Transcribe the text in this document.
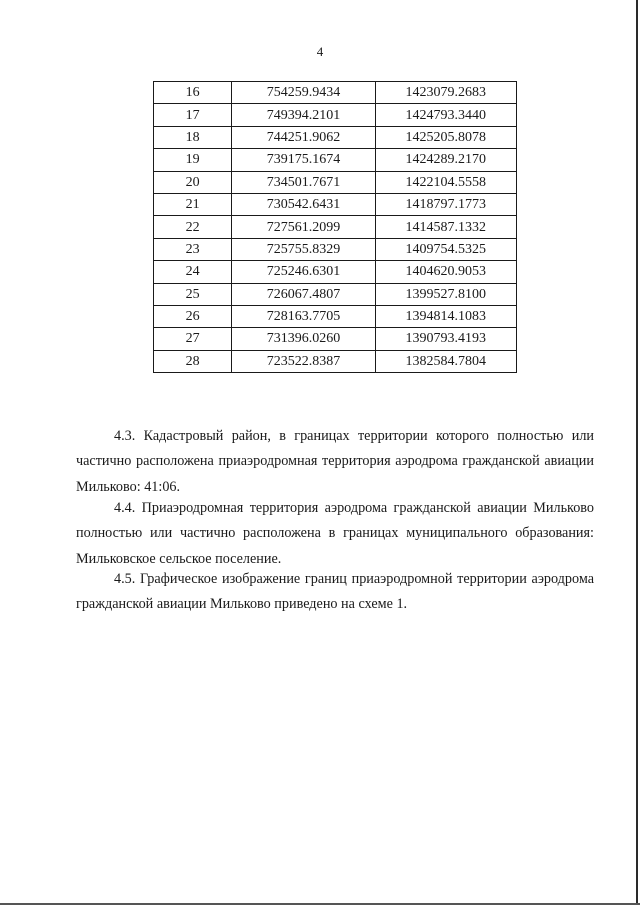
4
16	754259.9434	1423079.2683
17	749394.2101	1424793.3440
18	744251.9062	1425205.8078
19	739175.1674	1424289.2170
20	734501.7671	1422104.5558
21	730542.6431	1418797.1773
22	727561.2099	1414587.1332
23	725755.8329	1409754.5325
24	725246.6301	1404620.9053
25	726067.4807	1399527.8100
26	728163.7705	1394814.1083
27	731396.0260	1390793.4193
28	723522.8387	1382584.7804

4.3. Кадастровый район, в границах территории которого полностью или частично расположена приаэродромная территория аэродрома гражданской авиации Мильково: 41:06.

4.4. Приаэродромная территория аэродрома гражданской авиации Мильково полностью или частично расположена в границах муниципального образования: Мильковское сельское поселение.

4.5. Графическое изображение границ приаэродромной территории аэродрома гражданской авиации Мильково приведено на схеме 1.
